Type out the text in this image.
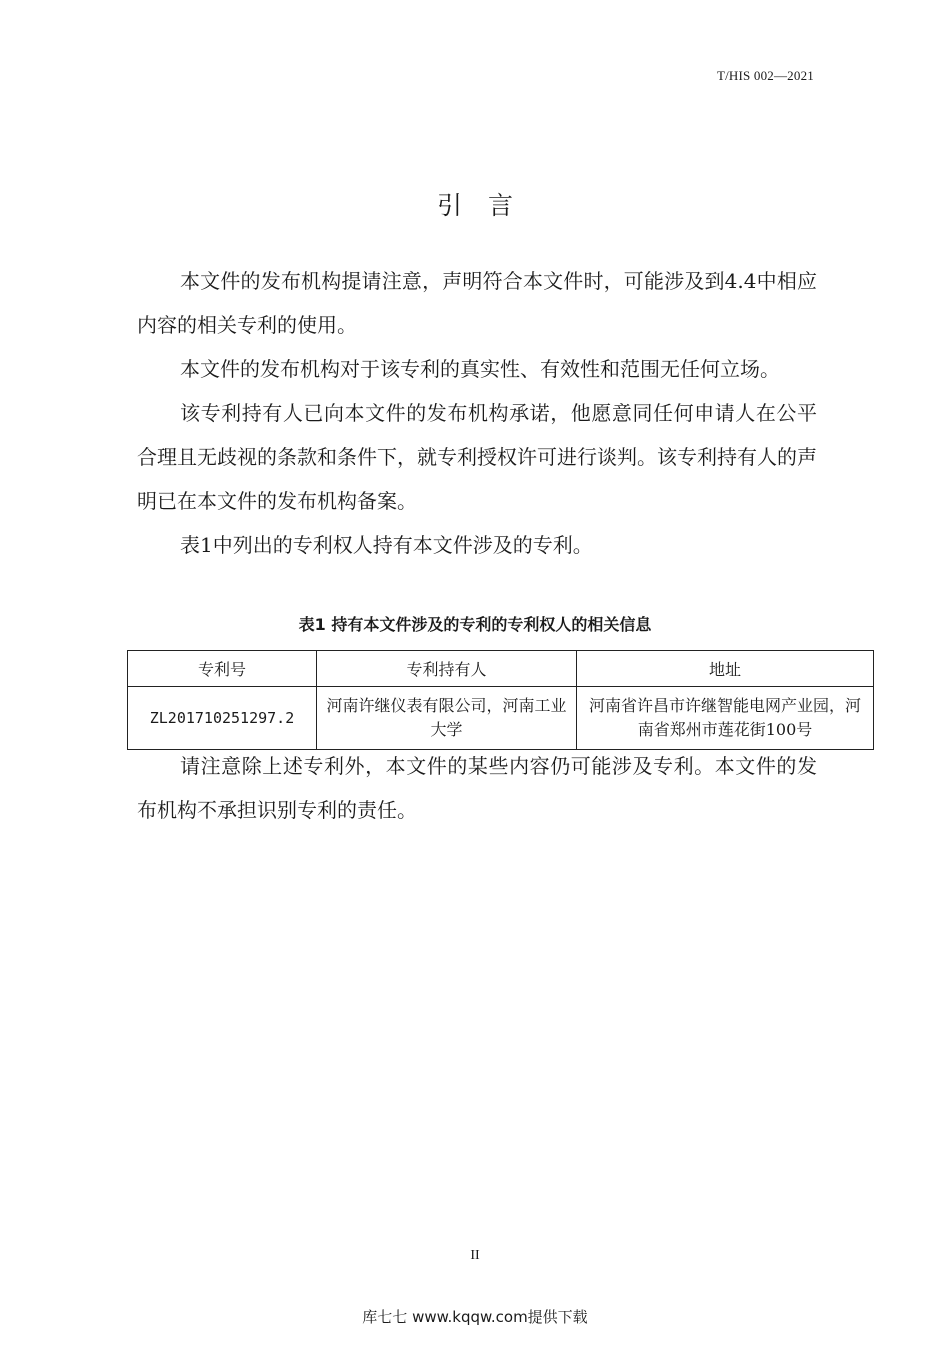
T/HIS 002—2021
引言

本文件的发布机构提请注意，声明符合本文件时，可能涉及到4.4中相应内容的相关专利的使用。

本文件的发布机构对于该专利的真实性、有效性和范围无任何立场。

该专利持有人已向本文件的发布机构承诺，他愿意同任何申请人在公平合理且无歧视的条款和条件下，就专利授权许可进行谈判。该专利持有人的声明已在本文件的发布机构备案。

表1中列出的专利权人持有本文件涉及的专利。

表1 持有本文件涉及的专利的专利权人的相关信息
专利号	专利持有人	地址
ZL201710251297.2	河南许继仪表有限公司，河南工业大学	河南省许昌市许继智能电网产业园，河南省郑州市莲花街100号

请注意除上述专利外，本文件的某些内容仍可能涉及专利。本文件的发布机构不承担识别专利的责任。

II
库七七 www.kqqw.com提供下载
